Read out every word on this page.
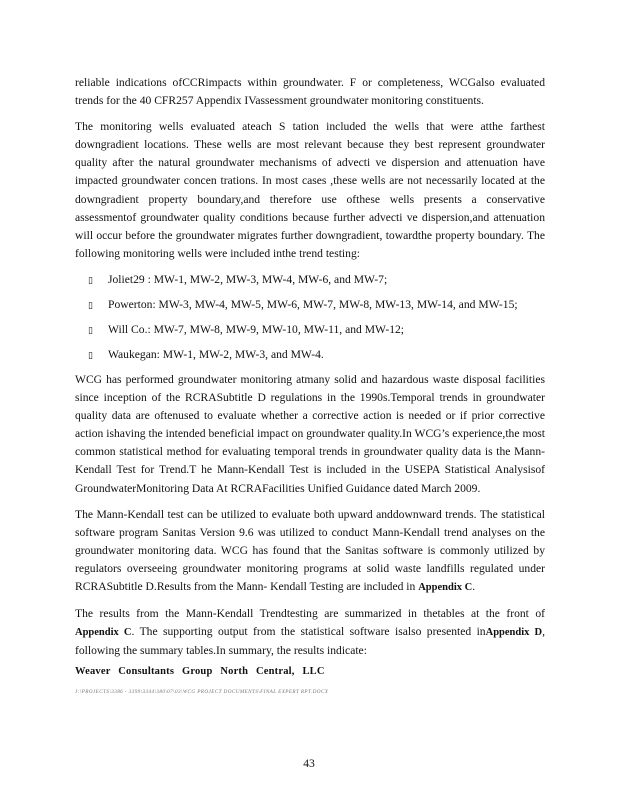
reliable indications ofCCRimpacts within groundwater. F or completeness, WCGalso evaluated trends for the 40 CFR257 Appendix IVassessment groundwater monitoring constituents.

The monitoring wells evaluated ateach S tation included the wells that were atthe farthest downgradient locations. These wells are most relevant because they best represent groundwater quality after the natural groundwater mechanisms of advecti ve dispersion and attenuation have impacted groundwater concen trations. In most cases ,these wells are not necessarily located at the downgradient property boundary,and therefore use ofthese wells presents a conservative assessmentof groundwater quality conditions because further advecti ve dispersion,and attenuation will occur before the groundwater migrates further downgradient, towardthe property boundary. The following monitoring wells were included inthe trend testing:

▯ Joliet29 : MW-1, MW-2, MW-3, MW-4, MW-6, and MW-7;
▯ Powerton: MW-3, MW-4, MW-5, MW-6, MW-7, MW-8, MW-13, MW-14, and MW-15;
▯ Will Co.: MW-7, MW-8, MW-9, MW-10, MW-11, and MW-12;
▯ Waukegan: MW-1, MW-2, MW-3, and MW-4.

WCG has performed groundwater monitoring atmany solid and hazardous waste disposal facilities since inception of the RCRASubtitle D regulations in the 1990s.Temporal trends in groundwater quality data are oftenused to evaluate whether a corrective action is needed or if prior corrective action ishaving the intended beneficial impact on groundwater quality.In WCG’s experience,the most common statistical method for evaluating temporal trends in groundwater quality data is the Mann-Kendall Test for Trend.T he Mann-Kendall Test is included in the USEPA Statistical Analysisof GroundwaterMonitoring Data At RCRAFacilities Unified Guidance dated March 2009.

The Mann-Kendall test can be utilized to evaluate both upward anddownward trends. The statistical software program Sanitas Version 9.6 was utilized to conduct Mann-Kendall trend analyses on the groundwater monitoring data. WCG has found that the Sanitas software is commonly utilized by regulators overseeing groundwater monitoring programs at solid waste landfills regulated under RCRASubtitle D.Results from the Mann- Kendall Testing are included in Appendix C.

The results from the Mann-Kendall Trendtesting are summarized in thetables at the front of Appendix C. The supporting output from the statistical software isalso presented inAppendix D, following the summary tables.In summary, the results indicate:

Weaver Consultants Group North Central, LLC
J:\PROJECTS\3386 - 3399\3344\380\07\03\WCG PROJECT DOCUMENTS\FINAL EXPERT RPT.DOCX
43
